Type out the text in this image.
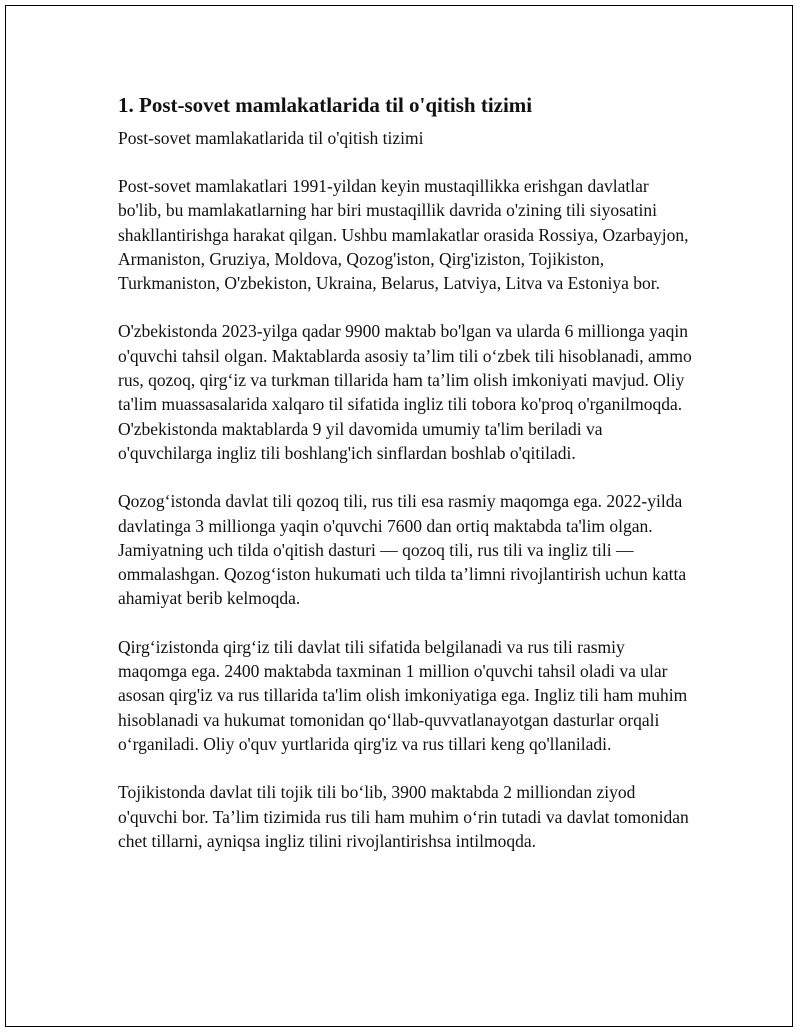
1. Post-sovet mamlakatlarida til o'qitish tizimi

Post-sovet mamlakatlarida til o'qitish tizimi

Post-sovet mamlakatlari 1991-yildan keyin mustaqillikka erishgan davlatlar bo'lib, bu mamlakatlarning har biri mustaqillik davrida o'zining tili siyosatini shakllantirishga harakat qilgan. Ushbu mamlakatlar orasida Rossiya, Ozarbayjon, Armaniston, Gruziya, Moldova, Qozog'iston, Qirg'iziston, Tojikiston, Turkmaniston, O'zbekiston, Ukraina, Belarus, Latviya, Litva va Estoniya bor.

O'zbekistonda 2023-yilga qadar 9900 maktab bo'lgan va ularda 6 millionga yaqin o'quvchi tahsil olgan. Maktablarda asosiy ta’lim tili o‘zbek tili hisoblanadi, ammo rus, qozoq, qirg‘iz va turkman tillarida ham ta’lim olish imkoniyati mavjud. Oliy ta'lim muassasalarida xalqaro til sifatida ingliz tili tobora ko'proq o'rganilmoqda. O'zbekistonda maktablarda 9 yil davomida umumiy ta'lim beriladi va o'quvchilarga ingliz tili boshlang'ich sinflardan boshlab o'qitiladi.

Qozog‘istonda davlat tili qozoq tili, rus tili esa rasmiy maqomga ega. 2022-yilda davlatinga 3 millionga yaqin o'quvchi 7600 dan ortiq maktabda ta'lim olgan. Jamiyatning uch tilda o'qitish dasturi — qozoq tili, rus tili va ingliz tili — ommalashgan. Qozog‘iston hukumati uch tilda ta’limni rivojlantirish uchun katta ahamiyat berib kelmoqda.

Qirg‘izistonda qirg‘iz tili davlat tili sifatida belgilanadi va rus tili rasmiy maqomga ega. 2400 maktabda taxminan 1 million o'quvchi tahsil oladi va ular asosan qirg'iz va rus tillarida ta'lim olish imkoniyatiga ega. Ingliz tili ham muhim hisoblanadi va hukumat tomonidan qo‘llab-quvvatlanayotgan dasturlar orqali o‘rganiladi. Oliy o'quv yurtlarida qirg'iz va rus tillari keng qo'llaniladi.

Tojikistonda davlat tili tojik tili bo‘lib, 3900 maktabda 2 milliondan ziyod o'quvchi bor. Ta’lim tizimida rus tili ham muhim o‘rin tutadi va davlat tomonidan chet tillarni, ayniqsa ingliz tilini rivojlantirishsa intilmoqda.
